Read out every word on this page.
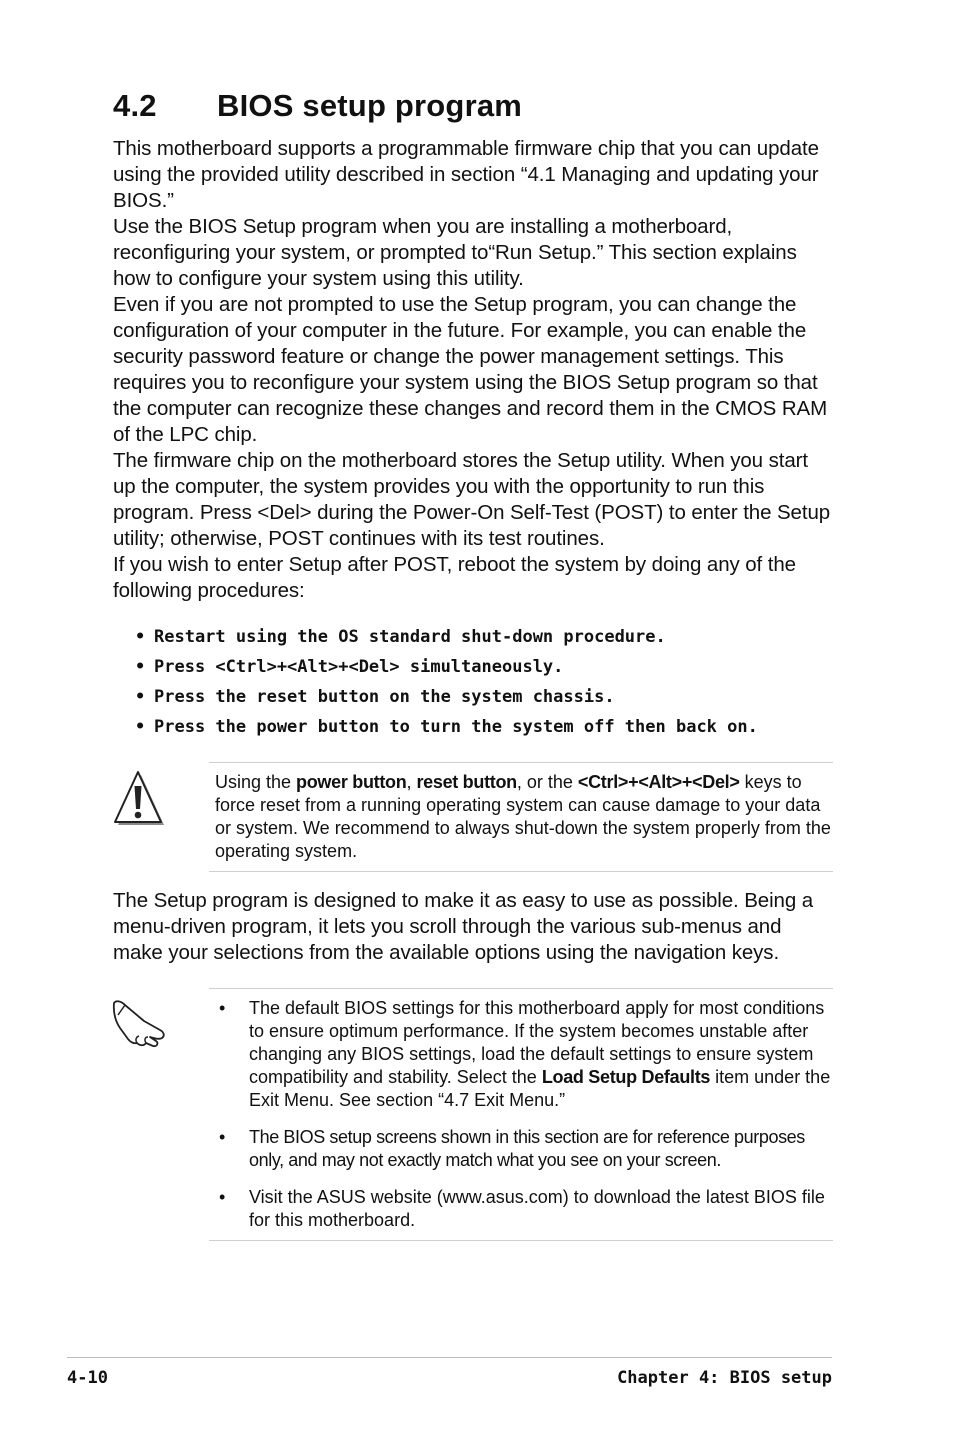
4.2	BIOS setup program

This motherboard supports a programmable firmware chip that you can update using the provided utility described in section “4.1 Managing and updating your BIOS.”

Use the BIOS Setup program when you are installing a motherboard, reconfiguring your system, or prompted to“Run Setup.” This section explains how to configure your system using this utility.

Even if you are not prompted to use the Setup program, you can change the configuration of your computer in the future. For example, you can enable the security password feature or change the power management settings. This requires you to reconfigure your system using the BIOS Setup program so that the computer can recognize these changes and record them in the CMOS RAM of the LPC chip.

The firmware chip on the motherboard stores the Setup utility. When you start up the computer, the system provides you with the opportunity to run this program. Press <Del> during the Power-On Self-Test (POST) to enter the Setup utility; otherwise, POST continues with its test routines.

If you wish to enter Setup after POST, reboot the system by doing any of the following procedures:

• Restart using the OS standard shut-down procedure.
• Press <Ctrl>+<Alt>+<Del> simultaneously.
• Press the reset button on the system chassis.
• Press the power button to turn the system off then back on.
Using the power button, reset button, or the <Ctrl>+<Alt>+<Del> keys to force reset from a running operating system can cause damage to your data or system. We recommend to always shut-down the system properly from the operating system.

The Setup program is designed to make it as easy to use as possible. Being a menu-driven program, it lets you scroll through the various sub-menus and make your selections from the available options using the navigation keys.

•	The default BIOS settings for this motherboard apply for most conditions to ensure optimum performance. If the system becomes unstable after changing any BIOS settings, load the default settings to ensure system compatibility and stability. Select the Load Setup Defaults item under the Exit Menu. See section “4.7 Exit Menu.”
•	The BIOS setup screens shown in this section are for reference purposes only, and may not exactly match what you see on your screen.
•	Visit the ASUS website (www.asus.com) to download the latest BIOS file for this motherboard.
4-10	Chapter 4: BIOS setup
